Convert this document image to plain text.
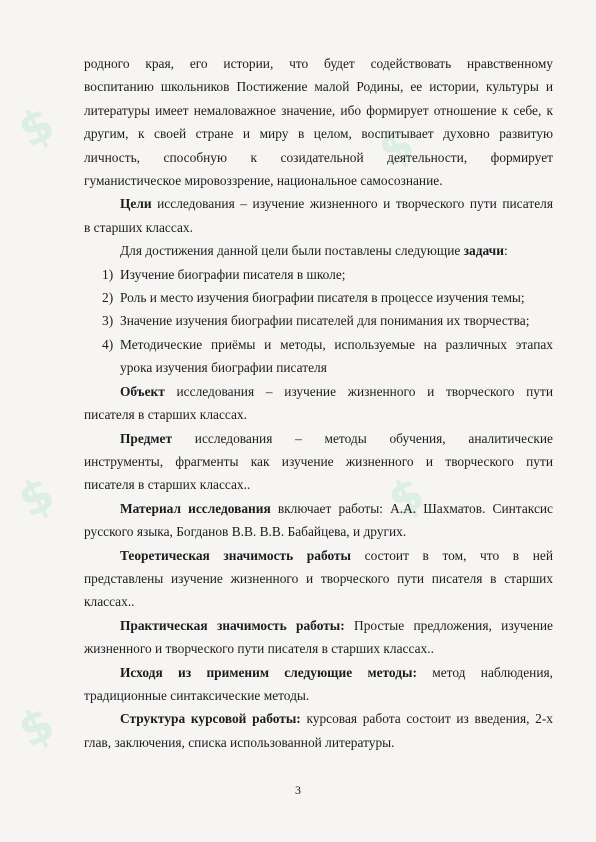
$	$
$	$
$

родного края, его истории, что будет содействовать нравственному

воспитанию школьников Постижение малой Родины, ее истории, культуры и

литературы имеет немаловажное значение, ибо формирует отношение к себе, к

другим, к своей стране и миру в целом, воспитывает духовно развитую

личность, способную к созидательной деятельности, формирует

гуманистическое мировоззрение, национальное самосознание.

Цели исследования – изучение жизненного и творческого пути писателя

в старших классах.

Для достижения данной цели были поставлены следующие задачи:

1) Изучение биографии писателя в школе;

2) Роль и место изучения биографии писателя в процессе изучения темы;

3) Значение изучения биографии писателей для понимания их творчества;

4) Методические приёмы и методы, используемые на различных этапах

урока изучения биографии писателя

Объект исследования – изучение жизненного и творческого пути

писателя в старших классах.

Предмет исследования – методы обучения, аналитические

инструменты, фрагменты как изучение жизненного и творческого пути

писателя в старших классах..

Материал исследования включает работы: А.А. Шахматов. Синтаксис

русского языка, Богданов В.В. В.В. Бабайцева, и других.

Теоретическая значимость работы состоит в том, что в ней

представлены изучение жизненного и творческого пути писателя в старших

классах..

Практическая значимость работы: Простые предложения, изучение

жизненного и творческого пути писателя в старших классах..

Исходя из применим следующие методы: метод наблюдения,

традиционные синтаксические методы.

Структура курсовой работы: курсовая работа состоит из введения, 2-х

глав, заключения, списка использованной литературы.

3
